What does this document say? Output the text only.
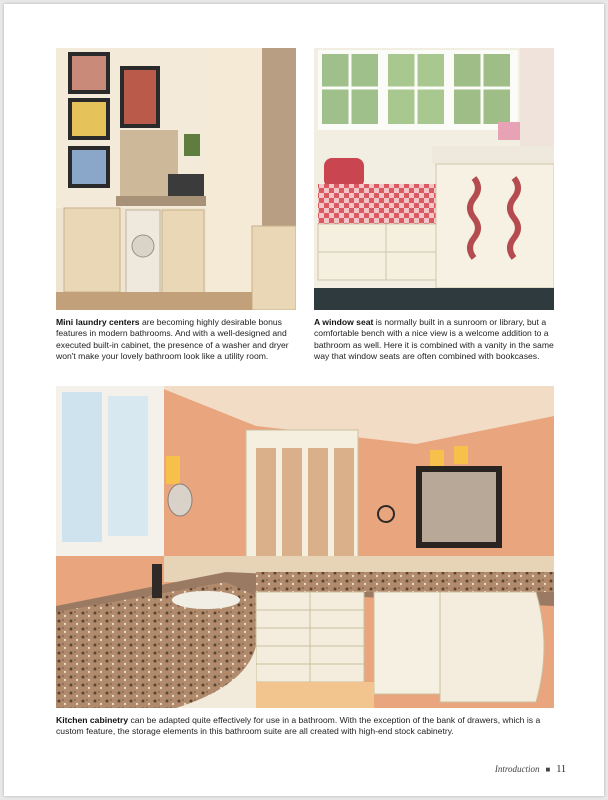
Mini laundry centers are becoming highly desirable bonus features in modern bathrooms. And with a well-designed and executed built-in cabinet, the presence of a washer and dryer won't make your lovely bathroom look like a utility room.

A window seat is normally built in a sunroom or library, but a comfortable bench with a nice view is a welcome addition to a bathroom as well. Here it is combined with a vanity in the same way that window seats are often combined with bookcases.

Kitchen cabinetry can be adapted quite effectively for use in a bathroom. With the exception of the bank of drawers, which is a custom feature, the storage elements in this bathroom suite are all created with high-end stock cabinetry.

Introduction ■ 11
